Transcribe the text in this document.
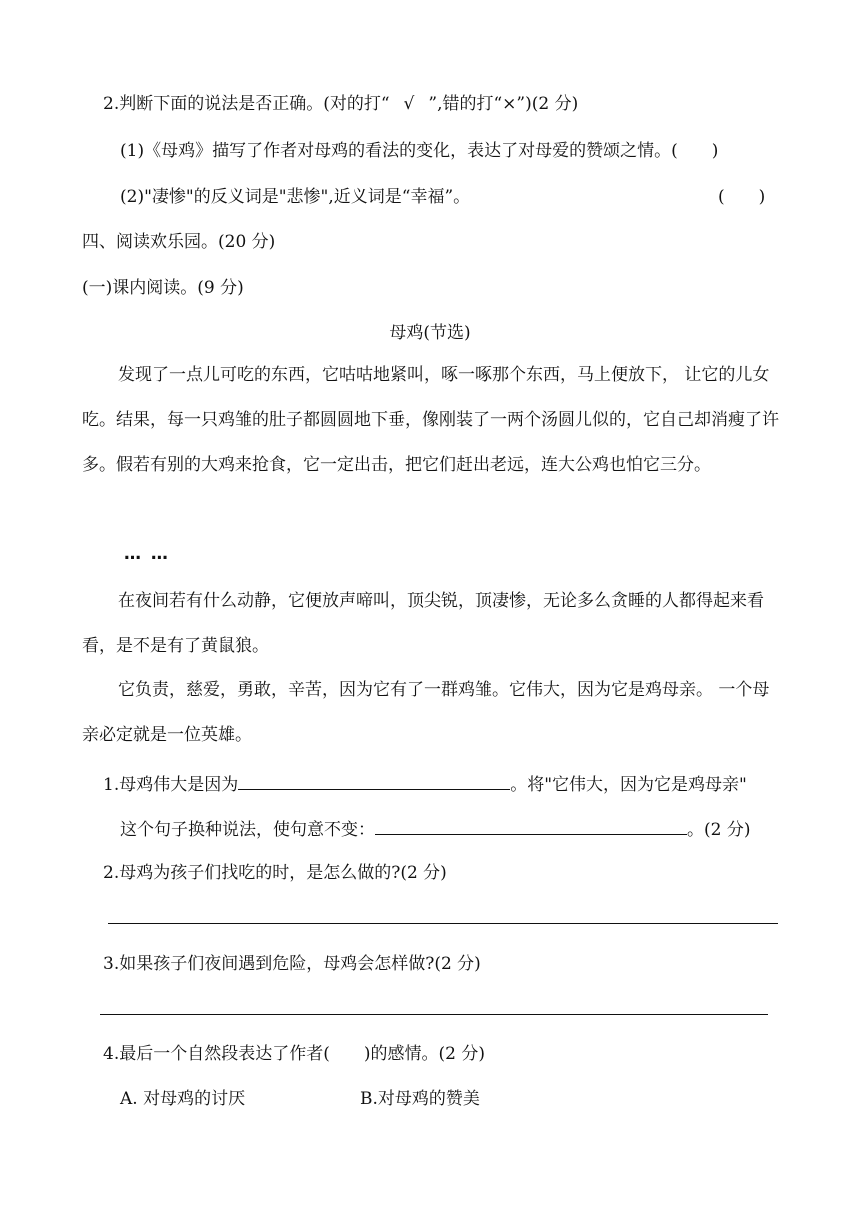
2.判断下面的说法是否正确。(对的打“ √ ”,错的打“×”)(2 分)
(1)《母鸡》描写了作者对母鸡的看法的变化，表达了对母爱的赞颂之情。( )
(2)"凄惨"的反义词是"悲惨",近义词是“幸福”。	(　　)
四、阅读欢乐园。(20 分)
(一)课内阅读。(9 分)
母鸡(节选)
发现了一点儿可吃的东西，它咕咕地紧叫，啄一啄那个东西，马上便放下， 让它的儿女吃。结果，每一只鸡雏的肚子都圆圆地下垂，像刚装了一两个汤圆儿似的，它自己却消瘦了许多。假若有别的大鸡来抢食，它一定出击，把它们赶出老远，连大公鸡也怕它三分。
… …
在夜间若有什么动静，它便放声啼叫，顶尖锐，顶凄惨，无论多么贪睡的人都得起来看看，是不是有了黄鼠狼。
它负责，慈爱，勇敢，辛苦，因为它有了一群鸡雏。它伟大，因为它是鸡母亲。 一个母亲必定就是一位英雄。
1.母鸡伟大是因为	。将"它伟大，因为它是鸡母亲"
这个句子换种说法，使句意不变：	。(2 分)
2.母鸡为孩子们找吃的时，是怎么做的?(2 分)
3.如果孩子们夜间遇到危险，母鸡会怎样做?(2 分)
4.最后一个自然段表达了作者(　　)的感情。(2 分)
A. 对母鸡的讨厌	B.对母鸡的赞美
